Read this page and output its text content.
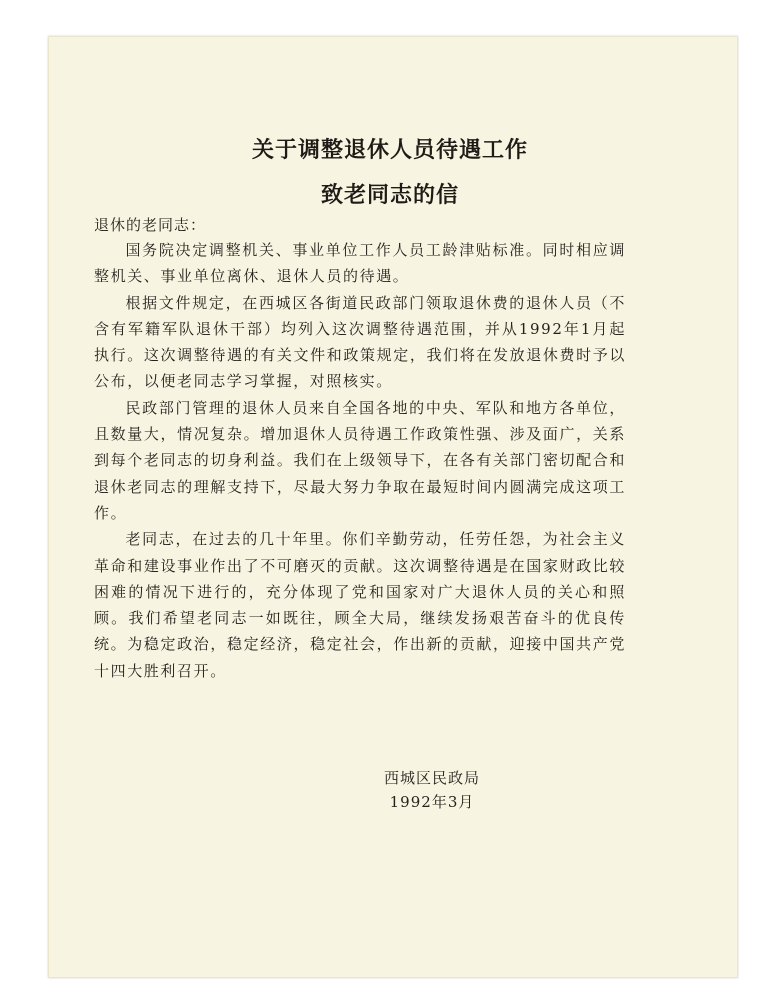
关于调整退休人员待遇工作
致老同志的信

退休的老同志：

国务院决定调整机关、事业单位工作人员工龄津贴标准。同时相应调整机关、事业单位离休、退休人员的待遇。

根据文件规定，在西城区各街道民政部门领取退休费的退休人员（不含有军籍军队退休干部）均列入这次调整待遇范围，并从1992年1月起执行。这次调整待遇的有关文件和政策规定，我们将在发放退休费时予以公布，以便老同志学习掌握，对照核实。

民政部门管理的退休人员来自全国各地的中央、军队和地方各单位，且数量大，情况复杂。增加退休人员待遇工作政策性强、涉及面广，关系到每个老同志的切身利益。我们在上级领导下，在各有关部门密切配合和退休老同志的理解支持下，尽最大努力争取在最短时间内圆满完成这项工作。

老同志，在过去的几十年里。你们辛勤劳动，任劳任怨，为社会主义革命和建设事业作出了不可磨灭的贡献。这次调整待遇是在国家财政比较困难的情况下进行的，充分体现了党和国家对广大退休人员的关心和照顾。我们希望老同志一如既往，顾全大局，继续发扬艰苦奋斗的优良传统。为稳定政治，稳定经济，稳定社会，作出新的贡献，迎接中国共产党十四大胜利召开。

西城区民政局
1992年3月
